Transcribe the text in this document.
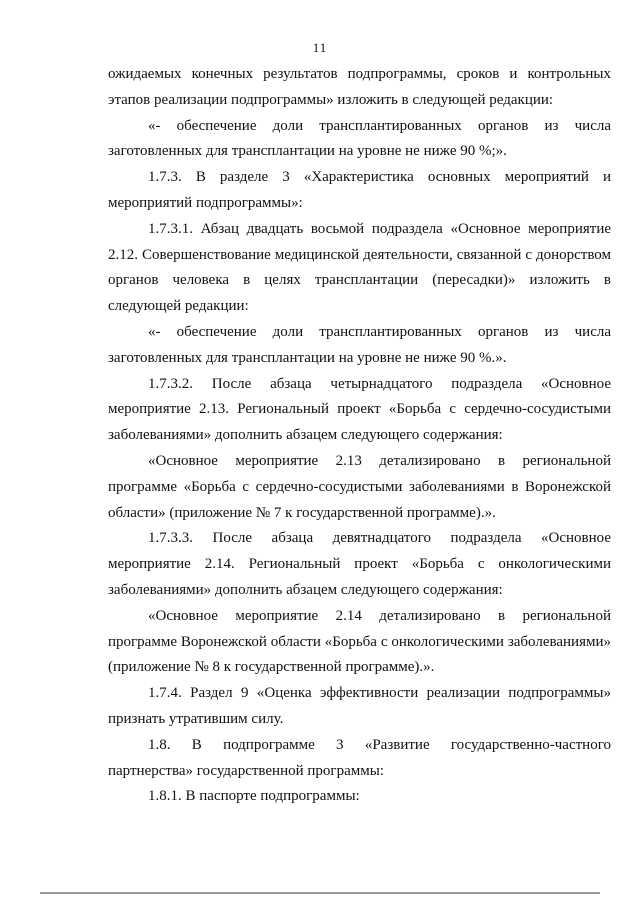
11

ожидаемых конечных результатов подпрограммы, сроков и контрольных этапов реализации подпрограммы» изложить в следующей редакции:

«- обеспечение доли трансплантированных органов из числа заготовленных для трансплантации на уровне не ниже 90 %;».

1.7.3. В разделе 3 «Характеристика основных мероприятий и мероприятий подпрограммы»:

1.7.3.1. Абзац двадцать восьмой подраздела «Основное мероприятие 2.12. Совершенствование медицинской деятельности, связанной с донорством органов человека в целях трансплантации (пересадки)» изложить в следующей редакции:

«- обеспечение доли трансплантированных органов из числа заготовленных для трансплантации на уровне не ниже 90 %.».

1.7.3.2. После абзаца четырнадцатого подраздела «Основное мероприятие 2.13. Региональный проект «Борьба с сердечно-сосудистыми заболеваниями» дополнить абзацем следующего содержания:

«Основное мероприятие 2.13 детализировано в региональной программе «Борьба с сердечно-сосудистыми заболеваниями в Воронежской области» (приложение № 7 к государственной программе).».

1.7.3.3. После абзаца девятнадцатого подраздела «Основное мероприятие 2.14. Региональный проект «Борьба с онкологическими заболеваниями» дополнить абзацем следующего содержания:

«Основное мероприятие 2.14 детализировано в региональной программе Воронежской области «Борьба с онкологическими заболеваниями» (приложение № 8 к государственной программе).».

1.7.4. Раздел 9 «Оценка эффективности реализации подпрограммы» признать утратившим силу.

1.8. В подпрограмме 3 «Развитие государственно-частного партнерства» государственной программы:

1.8.1. В паспорте подпрограммы:
